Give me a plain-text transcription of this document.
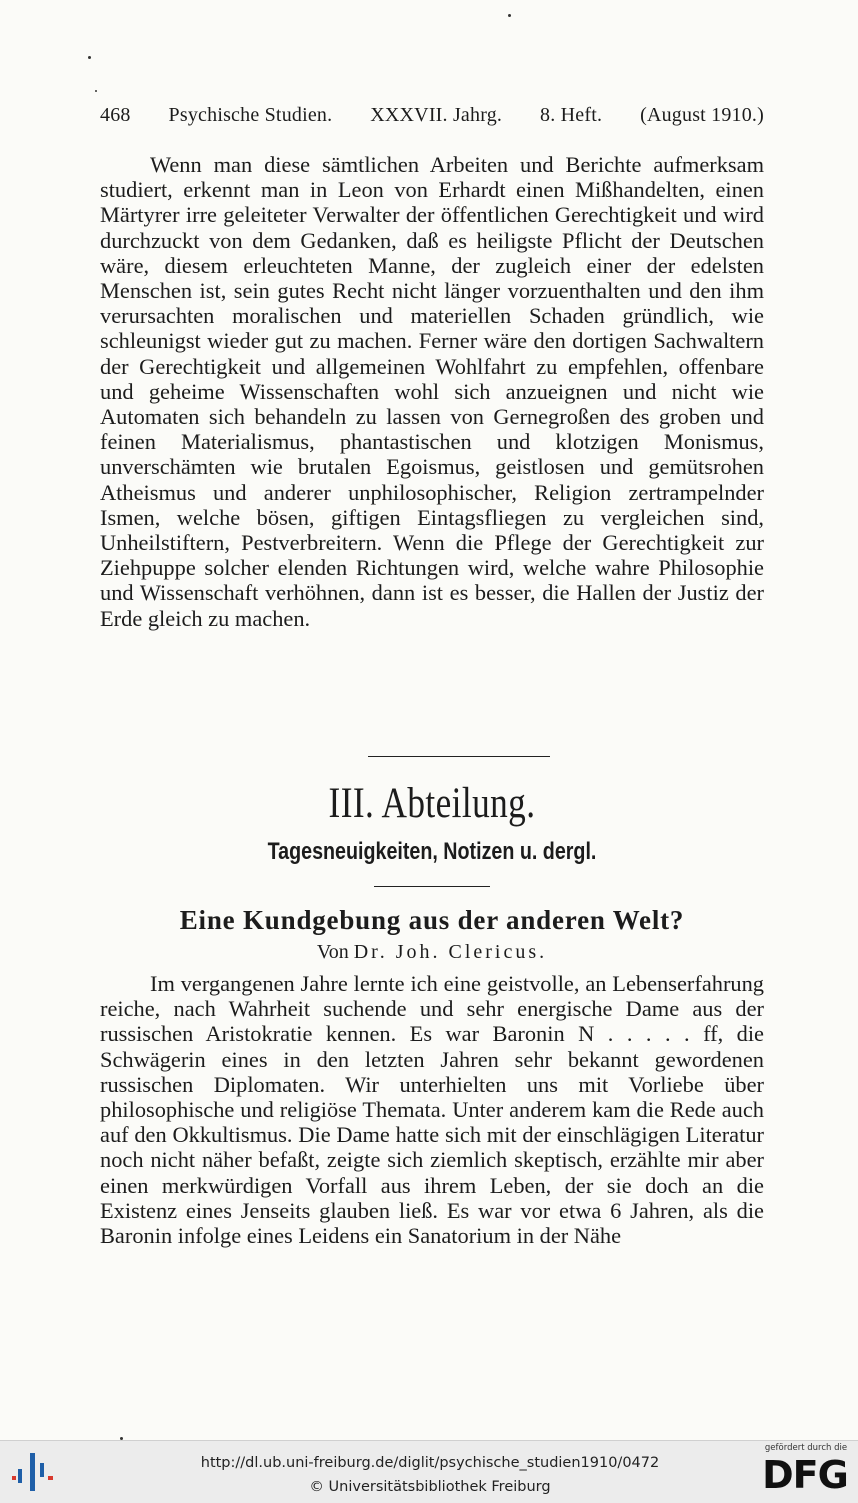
468 Psychische Studien. XXXVII. Jahrg. 8. Heft. (August 1910.)

Wenn man diese sämtlichen Arbeiten und Berichte aufmerksam studiert, erkennt man in Leon von Erhardt einen Mißhandelten, einen Märtyrer irre geleiteter Verwalter der öffentlichen Gerechtigkeit und wird durchzuckt von dem Gedanken, daß es heiligste Pflicht der Deutschen wäre, diesem erleuchteten Manne, der zugleich einer der edelsten Menschen ist, sein gutes Recht nicht länger vorzuenthalten und den ihm verursachten moralischen und materiellen Schaden gründlich, wie schleunigst wieder gut zu machen. Ferner wäre den dortigen Sachwaltern der Gerechtigkeit und allgemeinen Wohlfahrt zu empfehlen, offenbare und geheime Wissenschaften wohl sich anzueignen und nicht wie Automaten sich behandeln zu lassen von Gernegroßen des groben und feinen Materialismus, phantastischen und klotzigen Monismus, unverschämten wie brutalen Egoismus, geistlosen und gemütsrohen Atheismus und anderer unphilosophischer, Religion zertrampelnder Ismen, welche bösen, giftigen Eintagsfliegen zu vergleichen sind, Unheilstiftern, Pestverbreitern. Wenn die Pflege der Gerechtigkeit zur Ziehpuppe solcher elenden Richtungen wird, welche wahre Philosophie und Wissenschaft verhöhnen, dann ist es besser, die Hallen der Justiz der Erde gleich zu machen.

III. Abteilung.
Tagesneuigkeiten, Notizen u. dergl.
Eine Kundgebung aus der anderen Welt?
Von Dr. Joh. Clericus.

Im vergangenen Jahre lernte ich eine geistvolle, an Lebenserfahrung reiche, nach Wahrheit suchende und sehr energische Dame aus der russischen Aristokratie kennen. Es war Baronin N . . . . . ff, die Schwägerin eines in den letzten Jahren sehr bekannt gewordenen russischen Diplomaten. Wir unterhielten uns mit Vorliebe über philosophische und religiöse Themata. Unter anderem kam die Rede auch auf den Okkultismus. Die Dame hatte sich mit der einschlägigen Literatur noch nicht näher befaßt, zeigte sich ziemlich skeptisch, erzählte mir aber einen merkwürdigen Vorfall aus ihrem Leben, der sie doch an die Existenz eines Jenseits glauben ließ. Es war vor etwa 6 Jahren, als die Baronin infolge eines Leidens ein Sanatorium in der Nähe

http://dl.ub.uni-freiburg.de/diglit/psychische_studien1910/0472
© Universitätsbibliothek Freiburg
gefördert durch die
DFG
